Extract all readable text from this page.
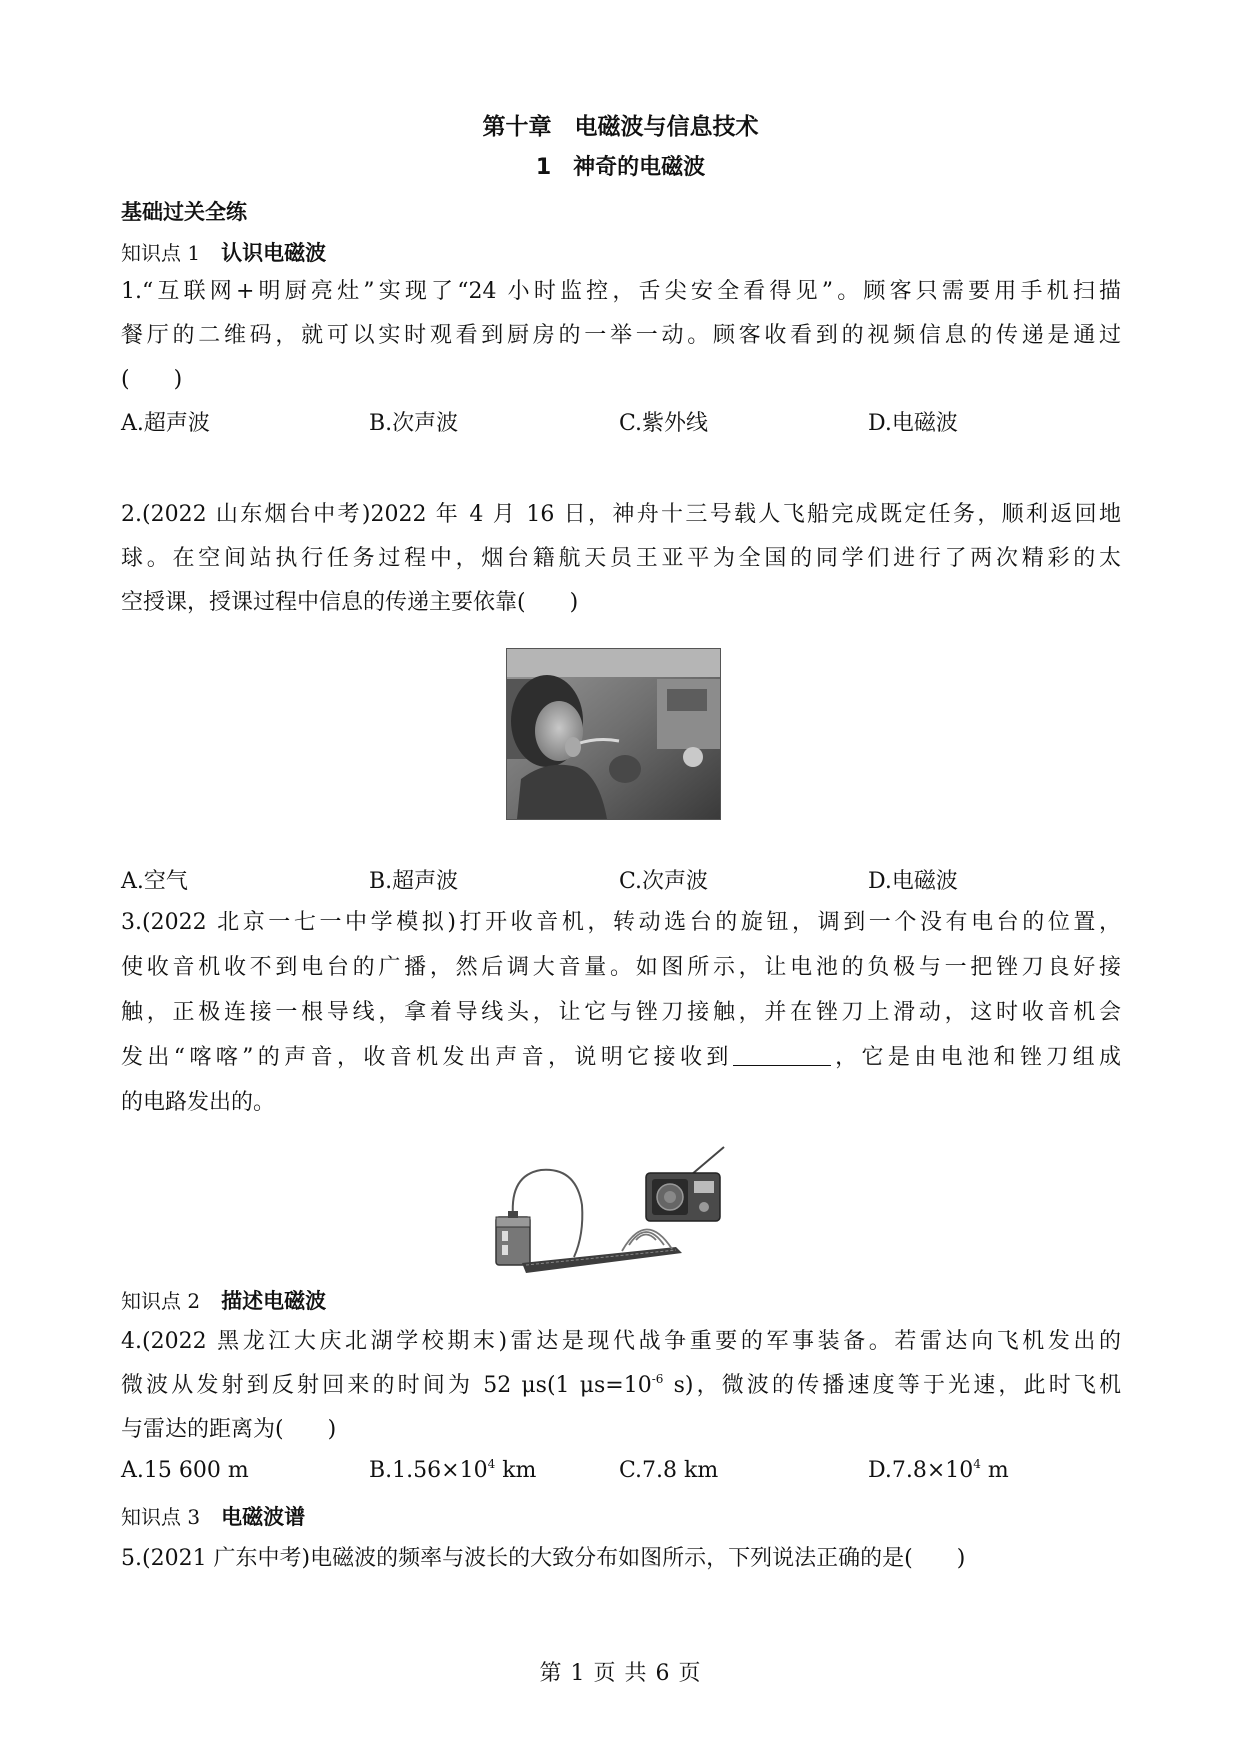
第十章　电磁波与信息技术
1　神奇的电磁波
基础过关全练
知识点 1　 认识电磁波
1.“互联网+明厨亮灶”实现了“24 小时监控，舌尖安全看得见”。顾客只需要用手机扫描
餐厅的二维码，就可以实时观看到厨房的一举一动。顾客收看到的视频信息的传递是通过
(　　)
A.超声波	B.次声波	C.紫外线	D.电磁波
2.(2022 山东烟台中考)2022 年 4 月 16 日，神舟十三号载人飞船完成既定任务，顺利返回地
球。在空间站执行任务过程中，烟台籍航天员王亚平为全国的同学们进行了两次精彩的太
空授课，授课过程中信息的传递主要依靠(　　)
A.空气	B.超声波	C.次声波	D.电磁波
3.(2022 北京一七一中学模拟)打开收音机，转动选台的旋钮，调到一个没有电台的位置，
使收音机收不到电台的广播，然后调大音量。如图所示，让电池的负极与一把锉刀良好接
触，正极连接一根导线，拿着导线头，让它与锉刀接触，并在锉刀上滑动，这时收音机会
发出“喀喀”的声音，收音机发出声音，说明它接收到	，它是由电池和锉刀组成
的电路发出的。
知识点 2　 描述电磁波
4.(2022 黑龙江大庆北湖学校期末)雷达是现代战争重要的军事装备。若雷达向飞机发出的
微波从发射到反射回来的时间为 52 μs(1 $\mu s=10^{-6}$ s)，微波的传播速度等于光速，此时飞机
与雷达的距离为(　　)
A.15 600 m	$B.1.56\times 10^4$ km	C.7.8 km	$D.7.8\times 10^4$ m
知识点 3　 电磁波谱
5.(2021 广东中考)电磁波的频率与波长的大致分布如图所示，下列说法正确的是(　　)
第 1 页 共 6 页
